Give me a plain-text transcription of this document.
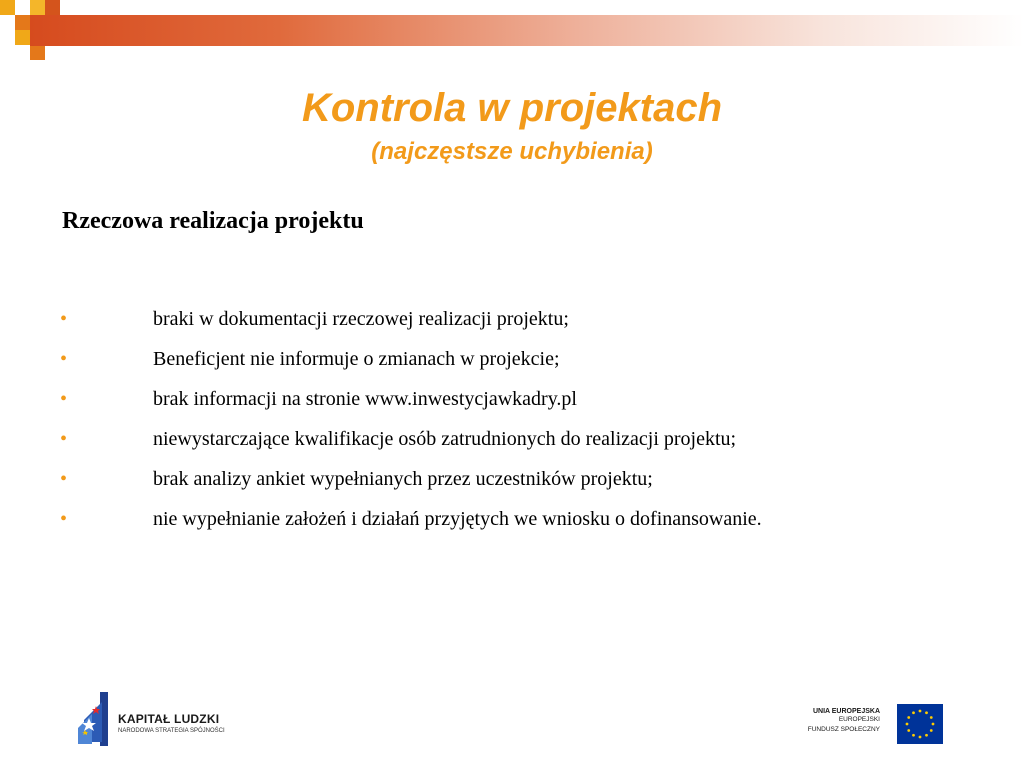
Kontrola w projektach
(najczęstsze uchybienia)
Rzeczowa realizacja projektu
•	braki w dokumentacji rzeczowej realizacji projektu;
•	Beneficjent nie informuje o zmianach w projekcie;
•	brak informacji na stronie www.inwestycjawkadry.pl
•	niewystarczające kwalifikacje osób zatrudnionych do realizacji projektu;
•	brak analizy ankiet wypełnianych przez uczestników projektu;
•	nie wypełnianie założeń i działań przyjętych we wniosku o dofinansowanie.
KAPITAŁ LUDZKI
NARODOWA STRATEGIA SPÓJNOŚCI
UNIA EUROPEJSKA
EUROPEJSKI
FUNDUSZ SPOŁECZNY
